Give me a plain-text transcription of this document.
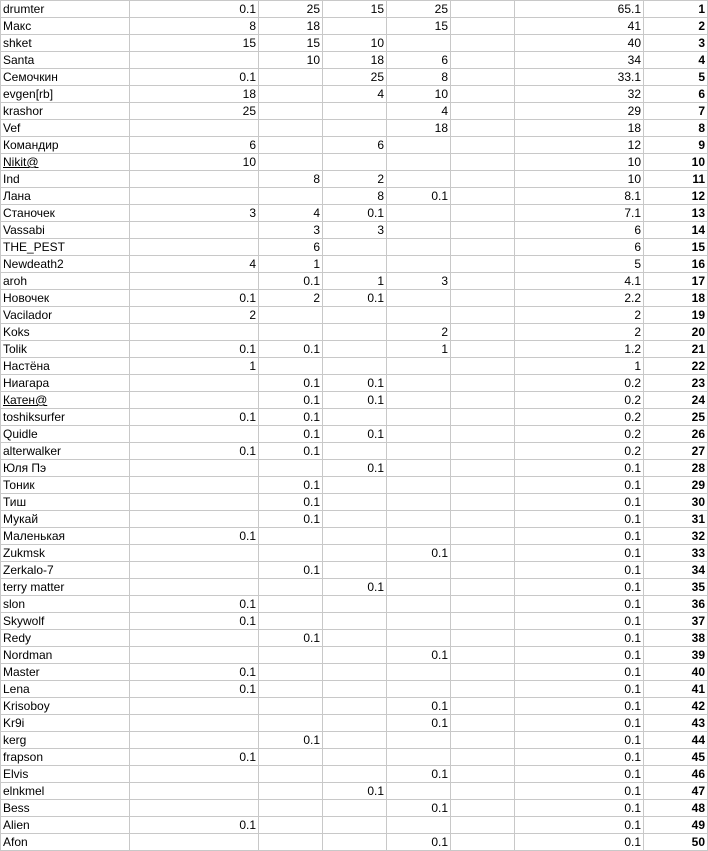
drumter	0.1	25	15	25		65.1	1
Макс	8	18		15		41	2
shket	15	15	10			40	3
Santa		10	18	6		34	4
Семочкин	0.1		25	8		33.1	5
evgen[rb]	18		4	10		32	6
krashor	25			4		29	7
Vef				18		18	8
Командир	6		6			12	9
Nikit@	10					10	10
Ind		8	2			10	11
Лана			8	0.1		8.1	12
Станочек	3	4	0.1			7.1	13
Vassabi		3	3			6	14
THE_PEST		6				6	15
Newdeath2	4	1				5	16
aroh		0.1	1	3		4.1	17
Новочек	0.1	2	0.1			2.2	18
Vacilador	2					2	19
Koks				2		2	20
Tolik	0.1	0.1		1		1.2	21
Настёна	1					1	22
Ниагара		0.1	0.1			0.2	23
Катен@		0.1	0.1			0.2	24
toshiksurfer	0.1	0.1				0.2	25
Quidle		0.1	0.1			0.2	26
alterwalker	0.1	0.1				0.2	27
Юля Пэ			0.1			0.1	28
Тоник		0.1				0.1	29
Тиш		0.1				0.1	30
Мукай		0.1				0.1	31
Маленькая	0.1					0.1	32
Zukmsk				0.1		0.1	33
Zerkalo-7		0.1				0.1	34
terry matter			0.1			0.1	35
slon	0.1					0.1	36
Skywolf	0.1					0.1	37
Redy		0.1				0.1	38
Nordman				0.1		0.1	39
Master	0.1					0.1	40
Lena	0.1					0.1	41
Krisoboy				0.1		0.1	42
Kr9i				0.1		0.1	43
kerg		0.1				0.1	44
frapson	0.1					0.1	45
Elvis				0.1		0.1	46
elnkmel			0.1			0.1	47
Bess				0.1		0.1	48
Alien	0.1					0.1	49
Afon				0.1		0.1	50
